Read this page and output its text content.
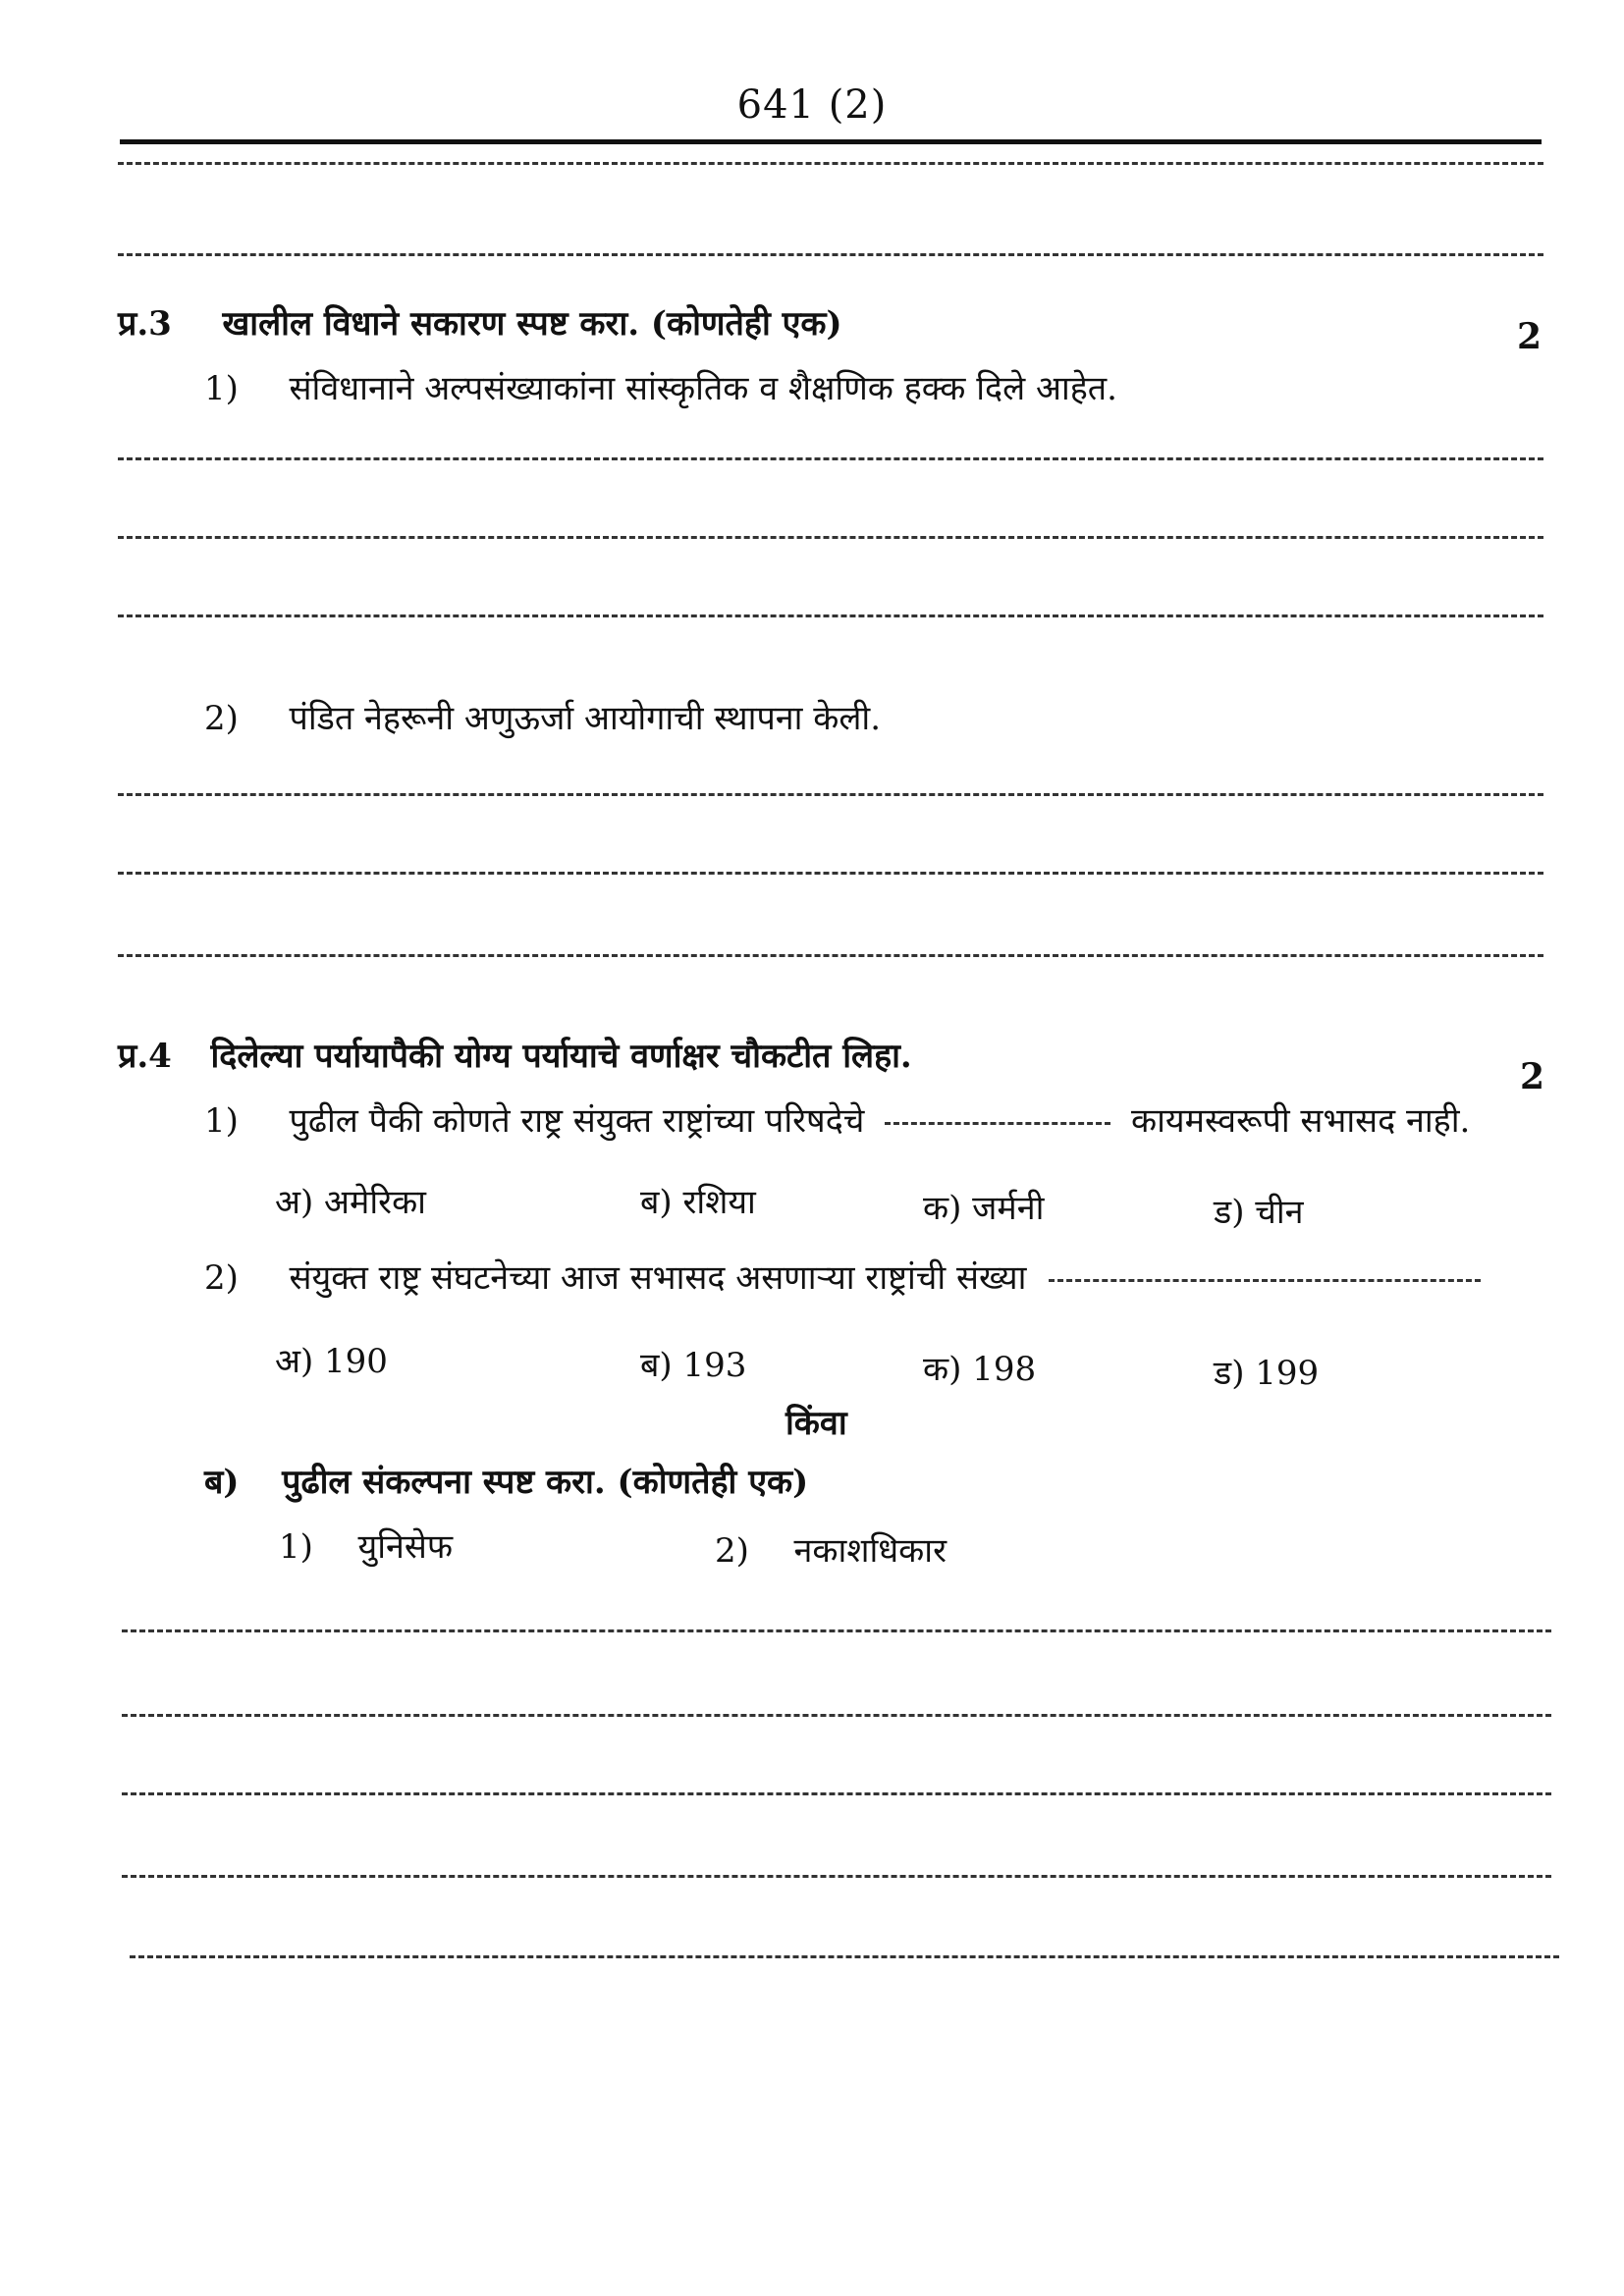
641 (2)
प्र.3 खालील विधाने सकारण स्पष्ट करा. (कोणतेही एक)	2
1) संविधानाने अल्पसंख्याकांना सांस्कृतिक व शैक्षणिक हक्क दिले आहेत.
2) पंडित नेहरूनी अणुऊर्जा आयोगाची स्थापना केली.
प्र.4 दिलेल्या पर्यायापैकी योग्य पर्यायाचे वर्णाक्षर चौकटीत लिहा.	2
1) पुढील पैकी कोणते राष्ट्र संयुक्त राष्ट्रांच्या परिषदेचे	कायमस्वरूपी सभासद नाही.
अ) अमेरिका	ब) रशिया	क) जर्मनी	ड) चीन
2) संयुक्त राष्ट्र संघटनेच्या आज सभासद असणाऱ्या राष्ट्रांची संख्या
अ) 190	ब) 193	क) 198	ड) 199
किंवा
ब) पुढील संकल्पना स्पष्ट करा. (कोणतेही एक)
1) युनिसेफ	2) नकाशधिकार
